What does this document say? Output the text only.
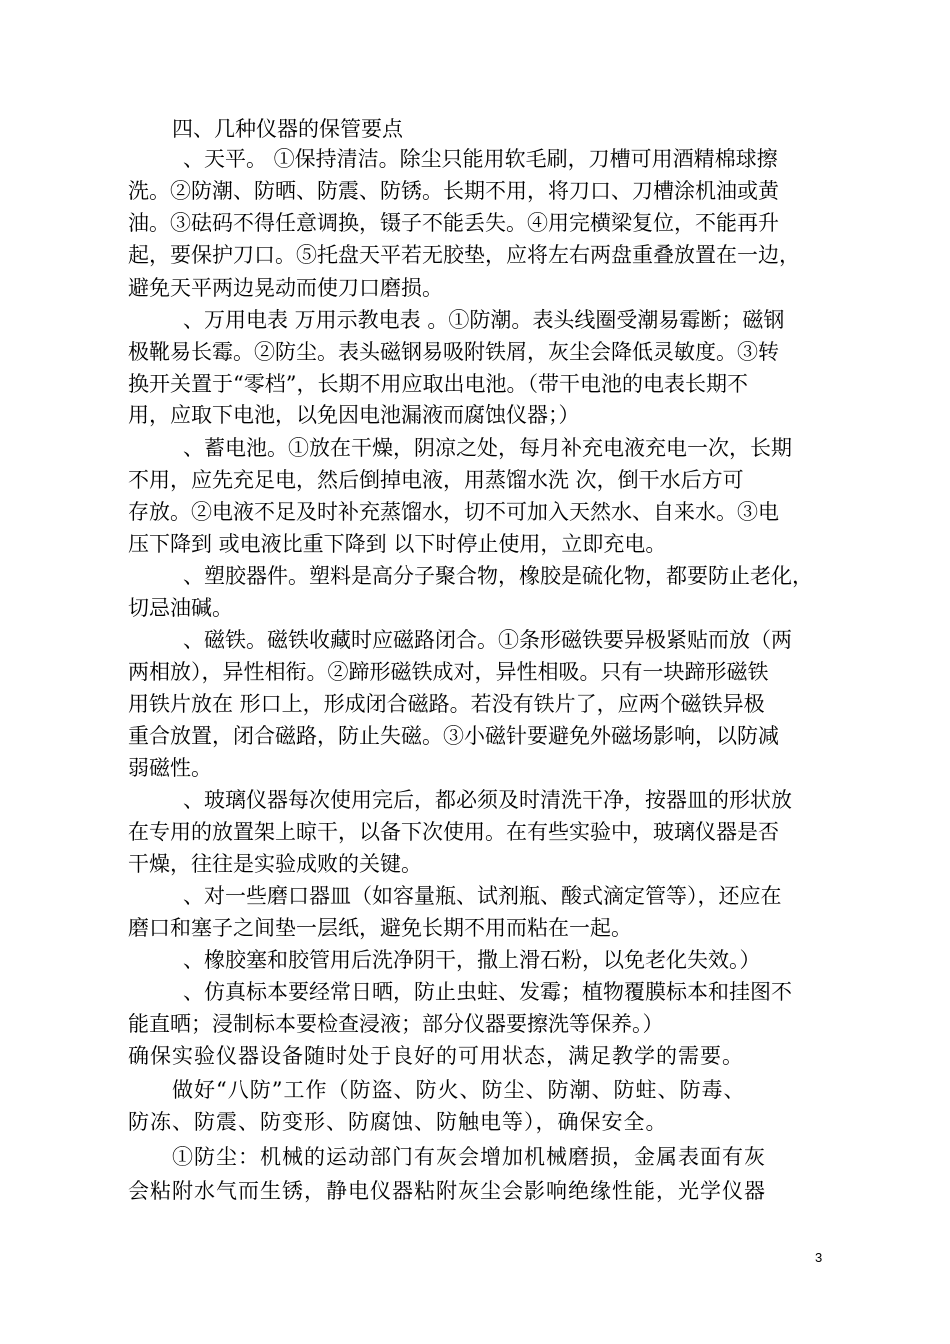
四、几种仪器的保管要点
、天平。 ①保持清洁。除尘只能用软毛刷，刀槽可用酒精棉球擦
洗。②防潮、防晒、防震、防锈。长期不用，将刀口、刀槽涂机油或黄
油。③砝码不得任意调换，镊子不能丢失。④用完横梁复位，不能再升
起，要保护刀口。⑤托盘天平若无胶垫，应将左右两盘重叠放置在一边，
避免天平两边晃动而使刀口磨损。
、万用电表 万用示教电表 。①防潮。表头线圈受潮易霉断；磁钢
极靴易长霉。②防尘。表头磁钢易吸附铁屑，灰尘会降低灵敏度。③转
换开关置于“零档”，长期不用应取出电池。（带干电池的电表长期不
用，应取下电池，以免因电池漏液而腐蚀仪器；）
、蓄电池。①放在干燥，阴凉之处，每月补充电液充电一次，长期
不用，应先充足电，然后倒掉电液，用蒸馏水洗 次，倒干水后方可
存放。②电液不足及时补充蒸馏水，切不可加入天然水、自来水。③电
压下降到 或电液比重下降到 以下时停止使用，立即充电。
、塑胶器件。塑料是高分子聚合物，橡胶是硫化物，都要防止老化，
切忌油碱。
、磁铁。磁铁收藏时应磁路闭合。①条形磁铁要异极紧贴而放（两
两相放），异性相衔。②蹄形磁铁成对，异性相吸。只有一块蹄形磁铁
用铁片放在 形口上，形成闭合磁路。若没有铁片了，应两个磁铁异极
重合放置，闭合磁路，防止失磁。③小磁针要避免外磁场影响，以防减
弱磁性。
、玻璃仪器每次使用完后，都必须及时清洗干净，按器皿的形状放
在专用的放置架上晾干，以备下次使用。在有些实验中，玻璃仪器是否
干燥，往往是实验成败的关键。
、对一些磨口器皿（如容量瓶、试剂瓶、酸式滴定管等），还应在
磨口和塞子之间垫一层纸，避免长期不用而粘在一起。
、橡胶塞和胶管用后洗净阴干，撒上滑石粉，以免老化失效。）
、仿真标本要经常日晒，防止虫蛀、发霉；植物覆膜标本和挂图不
能直晒；浸制标本要检查浸液；部分仪器要擦洗等保养。）
确保实验仪器设备随时处于良好的可用状态，满足教学的需要。
做好“八防”工作（防盗、防火、防尘、防潮、防蛀、防毒、
防冻、防震、防变形、防腐蚀、防触电等），确保安全。
①防尘：机械的运动部门有灰会增加机械磨损，金属表面有灰
会粘附水气而生锈，静电仪器粘附灰尘会影响绝缘性能，光学仪器
3
